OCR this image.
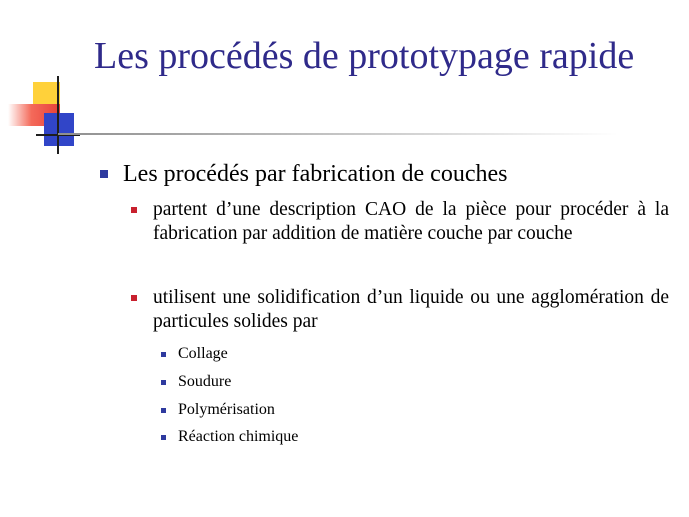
Les procédés de prototypage rapide
Les procédés par fabrication de couches
partent d’une description CAO de la pièce pour procéder à la fabrication par addition de matière couche par couche
utilisent une solidification d’un liquide ou une agglomération de particules solides par
Collage
Soudure
Polymérisation
Réaction chimique
